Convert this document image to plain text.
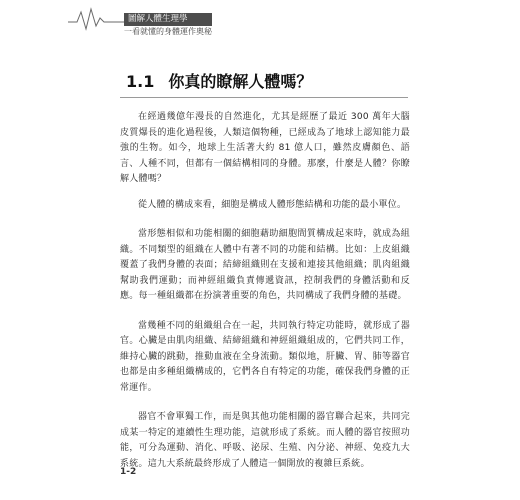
圖解人體生理學
一看就懂的身體運作奧秘
1.1 你真的瞭解人體嗎？

在經過幾億年漫長的自然進化，尤其是經歷了最近 300 萬年大腦皮質爆長的進化過程後，人類這個物種，已經成為了地球上認知能力最強的生物。如今，地球上生活著大約 81 億人口，雖然皮膚顏色、語言、人種不同，但都有一個結構相同的身體。那麼，什麼是人體？你瞭解人體嗎？

從人體的構成來看，細胞是構成人體形態結構和功能的最小單位。

當形態相似和功能相關的細胞藉助細胞間質構成起來時，就成為組織。不同類型的組織在人體中有著不同的功能和結構。比如：上皮組織覆蓋了我們身體的表面；結締組織則在支援和連接其他組織；肌肉組織幫助我們運動；而神經組織負責傳遞資訊，控制我們的身體活動和反應。每一種組織都在扮演著重要的角色，共同構成了我們身體的基礎。

當幾種不同的組織組合在一起，共同執行特定功能時，就形成了器官。心臟是由肌肉組織、結締組織和神經組織組成的，它們共同工作，維持心臟的跳動，推動血液在全身流動。類似地，肝臟、胃、肺等器官也都是由多種組織構成的，它們各自有特定的功能，確保我們身體的正常運作。

器官不會單獨工作，而是與其他功能相關的器官聯合起來，共同完成某一特定的連續性生理功能，這就形成了系統。而人體的器官按照功能，可分為運動、消化、呼吸、泌尿、生殖、內分泌、神經、免疫九大系統。這九大系統最終形成了人體這一個開放的複雜巨系統。

1-2
